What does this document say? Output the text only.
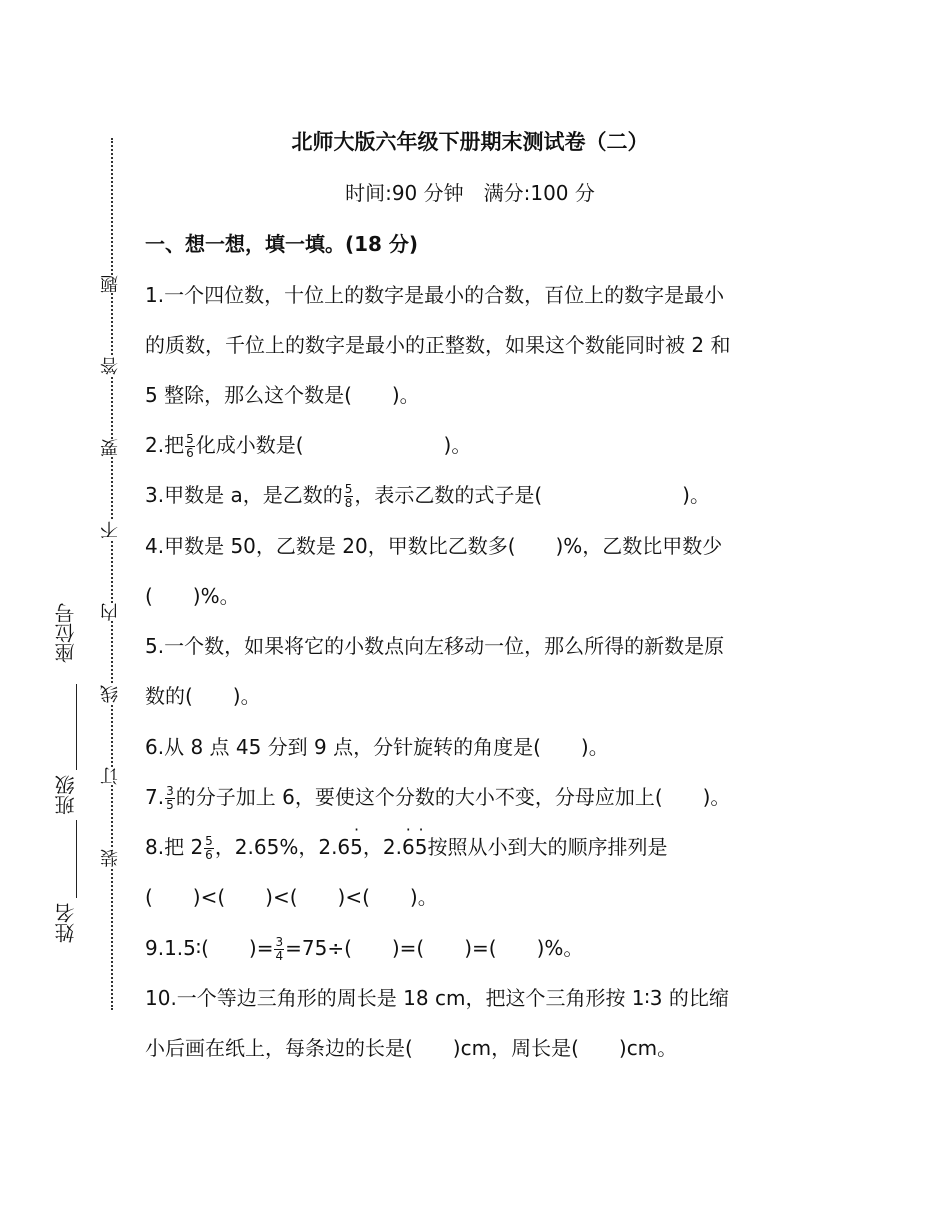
题
答
要
不
内
线
订
装
姓名
班级
座位号
北师大版六年级下册期末测试卷（二）
时间:90 分钟　满分:100 分
一、想一想，填一填。(18 分)
1.一个四位数，十位上的数字是最小的合数，百位上的数字是最小
的质数，千位上的数字是最小的正整数，如果这个数能同时被 2 和
5 整除，那么这个数是(　　)。
2.把 $\frac{5}{6}$ 化成小数是(　　　　　　　)。
3.甲数是 a，是乙数的 $\frac{5}{8}$ ，表示乙数的式子是(　　　　　　　)。
4.甲数是 50，乙数是 20，甲数比乙数多(　　)%，乙数比甲数少
(　　)%。
5.一个数，如果将它的小数点向左移动一位，那么所得的新数是原
数的(　　)。
6.从 8 点 45 分到 9 点，分针旋转的角度是(　　)。
7. $\frac{3}{5}$ 的分子加上 6，要使这个分数的大小不变，分母应加上(　　)。
8.把 $2 \frac{5}{6}$ ，2.65%，2.6· 5，2.· 6· 5按照从小到大的顺序排列是
(　　)<(　　)<(　　)<(　　)。
9.1.5∶(　　)= $\frac{3}{4} =75\div$(　　)=(　　)=(　　)%。
10.一个等边三角形的周长是 18 cm，把这个三角形按 1∶3 的比缩
小后画在纸上，每条边的长是(　　)cm，周长是(　　)cm。
